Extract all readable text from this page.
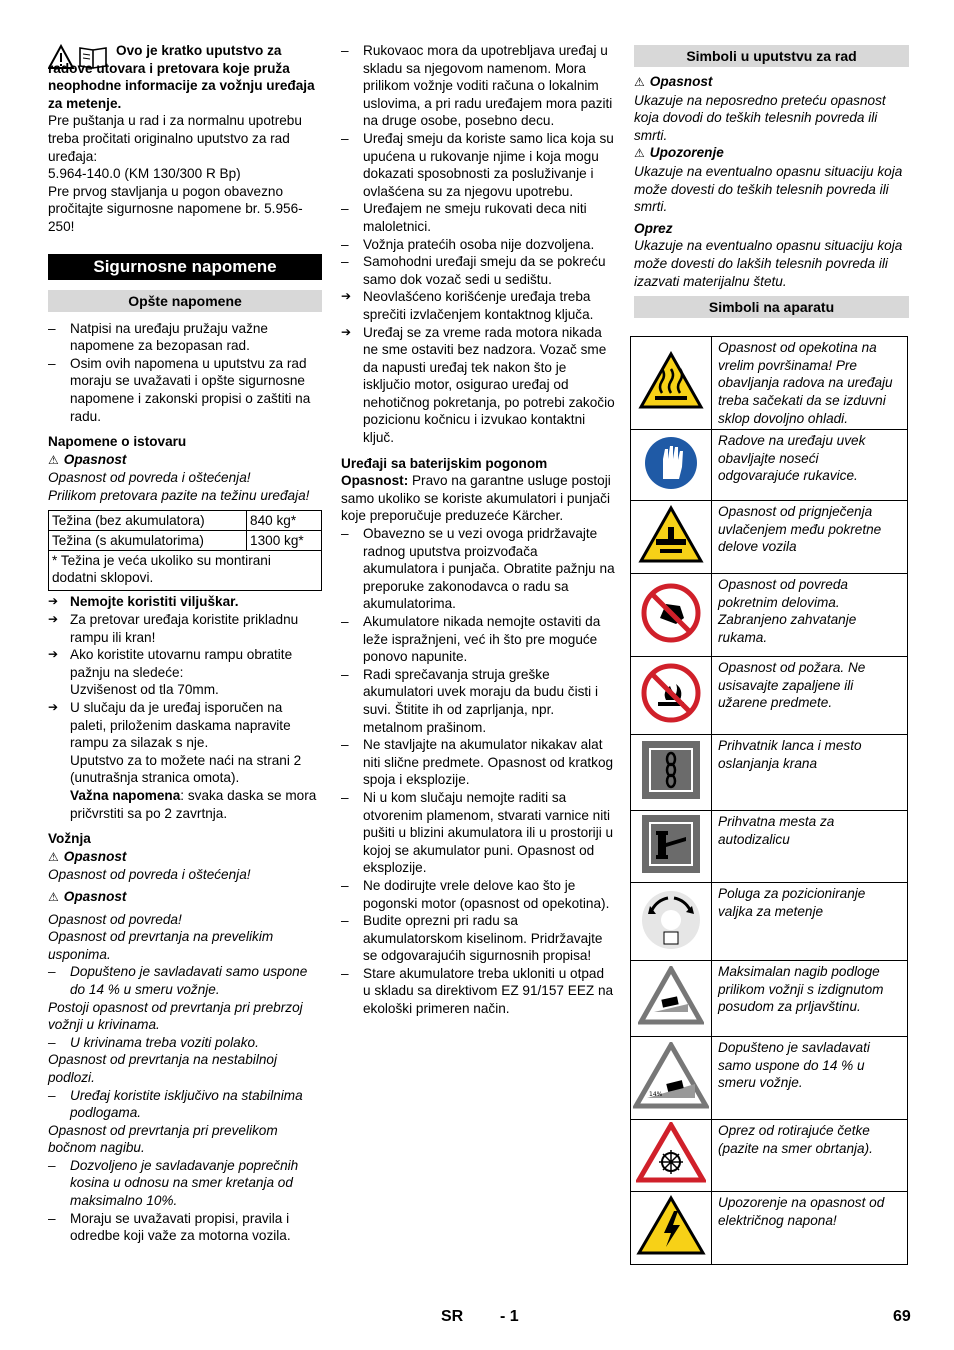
Ovo je kratko uputstvo za radove utovara i pretovara koje pruža neophodne informacije za vožnju uređaja za metenje.

Pre puštanja u rad i za normalnu upotrebu treba pročitati originalno uputstvo za rad uređaja:

5.964-140.0 (KM 130/300 R Bp)

Pre prvog stavljanja u pogon obavezno pročitajte sigurnosne napomene br. 5.956-250!

Sigurnosne napomene
Opšte napomene

– Natpisi na uređaju pružaju važne napomene za bezopasan rad.

– Osim ovih napomena u uputstvu za rad moraju se uvažavati i opšte sigurnosne napomene i zakonski propisi o zaštiti na radu.

Napomene o istovaru

⚠ Opasnost

Opasnost od povreda i oštećenja!

Prilikom pretovara pazite na težinu uređaja!

Težina (bez akumulatora)	840 kg*
Težina (s akumulatorima)	1300 kg*
* Težina je veća ukoliko su montirani dodatni sklopovi.	

➔ Nemojte koristiti viljuškar.

➔ Za pretovar uređaja koristite prikladnu rampu ili kran!

➔ Ako koristite utovarnu rampu obratite pažnju na sledeće:

Uzvišenost od tla 70mm.

➔ U slučaju da je uređaj isporučen na paleti, priloženim daskama napravite rampu za silazak s nje.

Uputstvo za to možete naći na strani 2 (unutrašnja stranica omota).

Važna napomena: svaka daska se mora pričvrstiti sa po 2 zavrtnja.

Vožnja

⚠ Opasnost

Opasnost od povreda i oštećenja!

⚠ Opasnost

Opasnost od povreda!

Opasnost od prevrtanja na prevelikim usponima.

– Dopušteno je savladavati samo uspone do 14 % u smeru vožnje.

Postoji opasnost od prevrtanja pri prebrzoj vožnji u krivinama.

– U krivinama treba voziti polako.

Opasnost od prevrtanja na nestabilnoj podlozi.

– Uređaj koristite isključivo na stabilnima podlogama.

Opasnost od prevrtanja pri prevelikom bočnom nagibu.

– Dozvoljeno je savladavanje poprečnih kosina u odnosu na smer kretanja od maksimalno 10%.

– Moraju se uvažavati propisi, pravila i odredbe koji važe za motorna vozila.

– Rukovaoc mora da upotrebljava uređaj u skladu sa njegovom namenom. Mora prilikom vožnje voditi računa o lokalnim uslovima, a pri radu uređajem mora paziti na druge osobe, posebno decu.

– Uređaj smeju da koriste samo lica koja su upućena u rukovanje njime i koja mogu dokazati sposobnosti za posluživanje i ovlašćena su za njegovu upotrebu.

– Uređajem ne smeju rukovati deca niti maloletnici.

– Vožnja pratećih osoba nije dozvoljena.

– Samohodni uređaji smeju da se pokreću samo dok vozač sedi u sedištu.

➔ Neovlašćeno korišćenje uređaja treba sprečiti izvlačenjem kontaktnog ključa.

➔ Uređaj se za vreme rada motora nikada ne sme ostaviti bez nadzora. Vozač sme da napusti uređaj tek nakon što je isključio motor, osigurao uređaj od nehotičnog pokretanja, po potrebi zakočio pozicionu kočnicu i izvukao kontaktni ključ.

Uređaji sa baterijskim pogonom

Opasnost: Pravo na garantne usluge postoji samo ukoliko se koriste akumulatori i punjači koje preporučuje preduzeće Kärcher.

– Obavezno se u vezi ovoga pridržavajte radnog uputstva proizvođača akumulatora i punjača. Obratite pažnju na preporuke zakonodavca o radu sa akumulatorima.

– Akumulatore nikada nemojte ostaviti da leže ispražnjeni, već ih što pre moguće ponovo napunite.

– Radi sprečavanja struja greške akumulatori uvek moraju da budu čisti i suvi. Štitite ih od zaprljanja, npr. metalnom prašinom.

– Ne stavljajte na akumulator nikakav alat niti slične predmete. Opasnost od kratkog spoja i eksplozije.

– Ni u kom slučaju nemojte raditi sa otvorenim plamenom, stvarati varnice niti pušiti u blizini akumulatora ili u prostoriji u kojoj se akumulator puni. Opasnost od eksplozije.

– Ne dodirujte vrele delove kao što je pogonski motor (opasnost od opekotina).

– Budite oprezni pri radu sa akumulatorskom kiselinom. Pridržavajte se odgovarajućih sigurnosnih propisa!

– Stare akumulatore treba ukloniti u otpad u skladu sa direktivom EZ 91/157 EEZ na ekološki primeren način.

Simboli u uputstvu za rad

⚠ Opasnost

Ukazuje na neposredno preteću opasnost koja dovodi do teških telesnih povreda ili smrti.

⚠ Upozorenje

Ukazuje na eventualno opasnu situaciju koja može dovesti do teških telesnih povreda ili smrti.

Oprez

Ukazuje na eventualno opasnu situaciju koja može dovesti do lakših telesnih povreda ili izazvati materijalnu štetu.

Simboli na aparatu
	Opasnost od opekotina na vrelim površinama! Pre obavljanja radova na uređaju treba sačekati da se izduvni sklop dovoljno ohladi.
	Radove na uređaju uvek obavljajte noseći odgovarajuće rukavice.
	Opasnost od prignječenja uvlačenjem među pokretne delove vozila
	Opasnost od povreda pokretnim delovima. Zabranjeno zahvatanje rukama.
	Opasnost od požara. Ne usisavajte zapaljene ili užarene predmete.
	Prihvatnik lanca i mesto oslanjanja krana
	Prihvatna mesta za autodizalicu
	Poluga za pozicioniranje valjka za metenje
	Maksimalan nagib podloge prilikom vožnji s izdignutom posudom za prljavštinu.

14%	Dopušteno je savladavati samo uspone do 14 % u smeru vožnje.
	Oprez od rotirajuće četke (pazite na smer obrtanja).
	Upozorenje na opasnost od električnog napona!
SR - 1	69
